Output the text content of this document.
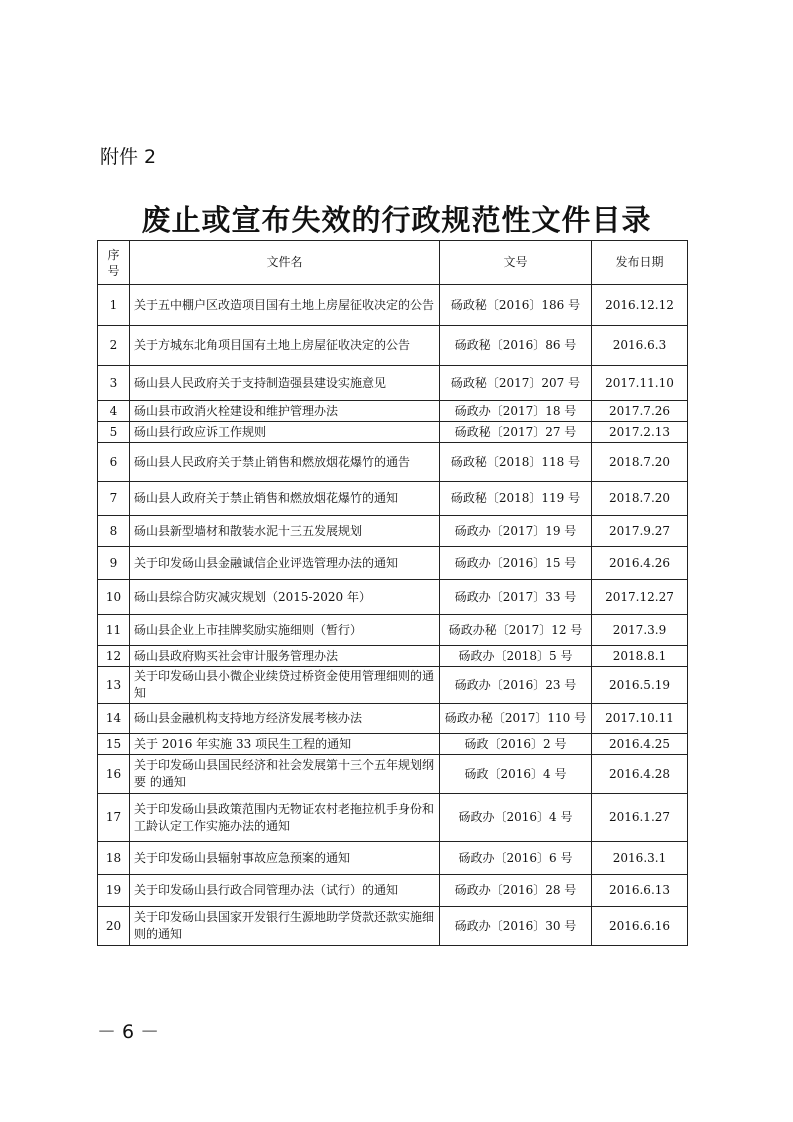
附件 2
废止或宣布失效的行政规范性文件目录
序号	文件名	文号	发布日期
1	关于五中棚户区改造项目国有土地上房屋征收决定的公告	砀政秘〔2016〕186 号	2016.12.12
2	关于方城东北角项目国有土地上房屋征收决定的公告	砀政秘〔2016〕86 号	2016.6.3
3	砀山县人民政府关于支持制造强县建设实施意见	砀政秘〔2017〕207 号	2017.11.10
4	砀山县市政消火栓建设和维护管理办法	砀政办〔2017〕18 号	2017.7.26
5	砀山县行政应诉工作规则	砀政秘〔2017〕27 号	2017.2.13
6	砀山县人民政府关于禁止销售和燃放烟花爆竹的通告	砀政秘〔2018〕118 号	2018.7.20
7	砀山县人政府关于禁止销售和燃放烟花爆竹的通知	砀政秘〔2018〕119 号	2018.7.20
8	砀山县新型墙材和散装水泥十三五发展规划	砀政办〔2017〕19 号	2017.9.27
9	关于印发砀山县金融诚信企业评选管理办法的通知	砀政办〔2016〕15 号	2016.4.26
10	砀山县综合防灾减灾规划（2015-2020 年）	砀政办〔2017〕33 号	2017.12.27
11	砀山县企业上市挂牌奖励实施细则（暂行）	砀政办秘〔2017〕12 号	2017.3.9
12	砀山县政府购买社会审计服务管理办法	砀政办〔2018〕5 号	2018.8.1
13	关于印发砀山县小微企业续贷过桥资金使用管理细则的通知	砀政办〔2016〕23 号	2016.5.19
14	砀山县金融机构支持地方经济发展考核办法	砀政办秘〔2017〕110 号	2017.10.11
15	关于 2016 年实施 33 项民生工程的通知	砀政〔2016〕2 号	2016.4.25
16	关于印发砀山县国民经济和社会发展第十三个五年规划纲要 的通知	砀政〔2016〕4 号	2016.4.28
17	关于印发砀山县政策范围内无物证农村老拖拉机手身份和工龄认定工作实施办法的通知	砀政办〔2016〕4 号	2016.1.27
18	关于印发砀山县辐射事故应急预案的通知	砀政办〔2016〕6 号	2016.3.1
19	关于印发砀山县行政合同管理办法（试行）的通知	砀政办〔2016〕28 号	2016.6.13
20	关于印发砀山县国家开发银行生源地助学贷款还款实施细则的通知	砀政办〔2016〕30 号	2016.6.16
－ 6 －
